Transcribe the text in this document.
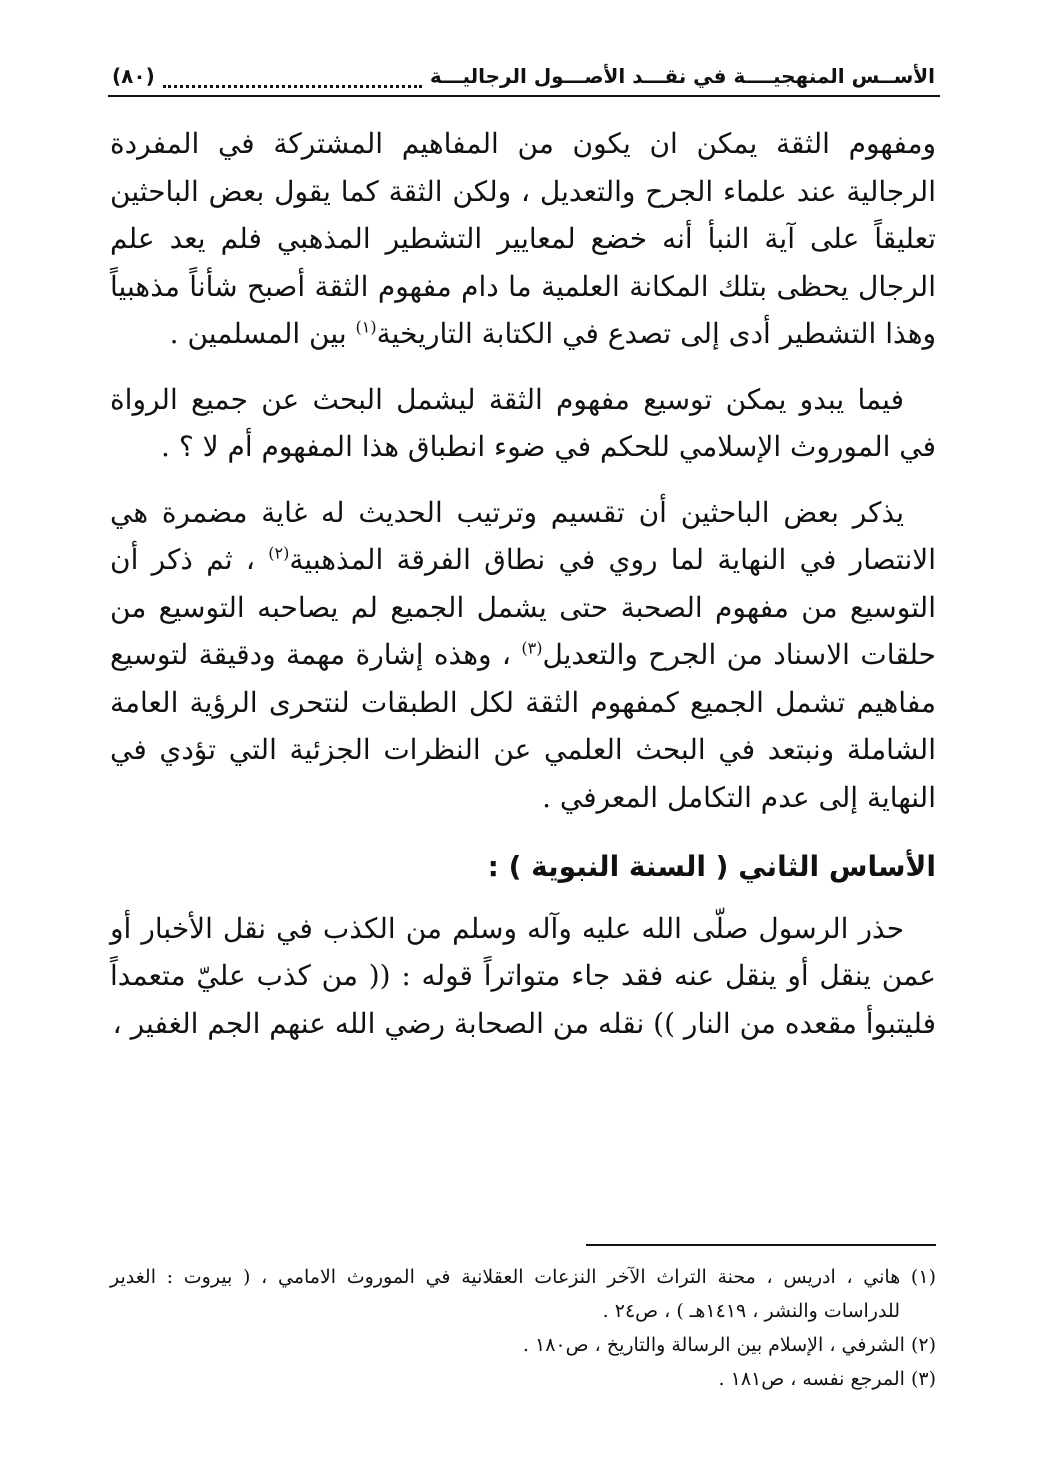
الأســس المنهجيــــة في نقـــد الأصـــول الرجاليـــة
(٨٠)

ومفهوم الثقة يمكن ان يكون من المفاهيم المشتركة في المفردة الرجالية عند علماء الجرح والتعديل ، ولكن الثقة كما يقول بعض الباحثين تعليقاً على آية النبأ أنه خضع لمعايير التشطير المذهبي فلم يعد علم الرجال يحظى بتلك المكانة العلمية ما دام مفهوم الثقة أصبح شأناً مذهبياً وهذا التشطير أدى إلى تصدع في الكتابة التاريخية$^{(١)}$ بين المسلمين .

فيما يبدو يمكن توسيع مفهوم الثقة ليشمل البحث عن جميع الرواة في الموروث الإسلامي للحكم في ضوء انطباق هذا المفهوم أم لا ؟ .

يذكر بعض الباحثين أن تقسيم وترتيب الحديث له غاية مضمرة هي الانتصار في النهاية لما روي في نطاق الفرقة المذهبية$^{(٢)}$ ، ثم ذكر أن التوسيع من مفهوم الصحبة حتى يشمل الجميع لم يصاحبه التوسيع من حلقات الاسناد من الجرح والتعديل$^{(٣)}$ ، وهذه إشارة مهمة ودقيقة لتوسيع مفاهيم تشمل الجميع كمفهوم الثقة لكل الطبقات لنتحرى الرؤية العامة الشاملة ونبتعد في البحث العلمي عن النظرات الجزئية التي تؤدي في النهاية إلى عدم التكامل المعرفي .

الأساس الثاني ( السنة النبوية ) :

حذر الرسول صلّى الله عليه وآله وسلم من الكذب في نقل الأخبار أو عمن ينقل أو ينقل عنه فقد جاء متواتراً قوله : (( من كذب عليّ متعمداً فليتبوأ مقعده من النار )) نقله من الصحابة رضي الله عنهم الجم الغفير ،

(١) هاني ، ادريس ، محنة التراث الآخر النزعات العقلانية في الموروث الامامي ، ( بيروت : الغدير للدراسات والنشر ، ١٤١٩هـ ) ، ص٢٤ .

(٢) الشرفي ، الإسلام بين الرسالة والتاريخ ، ص١٨٠ .

(٣) المرجع نفسه ، ص١٨١ .
